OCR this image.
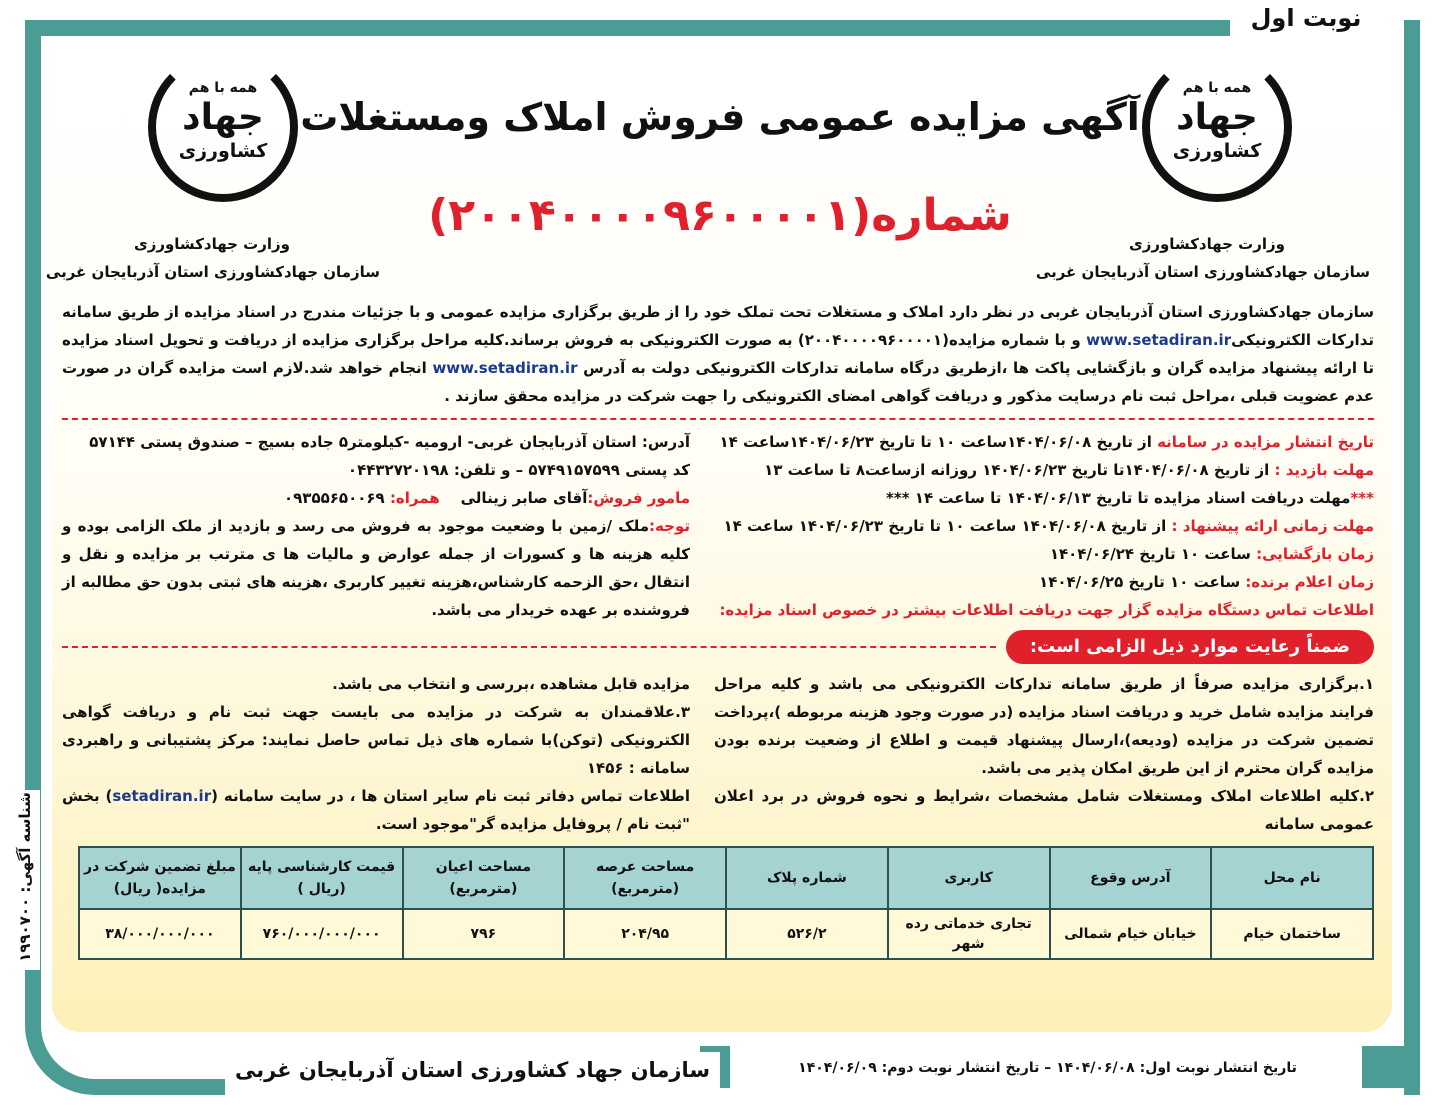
نوبت اول
همه با هم
جهاد
کشاورزی
همه با هم
جهاد
کشاورزی
آگهی مزایده عمومی فروش املاک ومستغلات
شماره(۲۰۰۴۰۰۰۰۹۶۰۰۰۰۱)
وزارت جهادکشاورزی
سازمان جهادکشاورزی استان آذربایجان غربی
وزارت جهادکشاورزی
سازمان جهادکشاورزی استان آذربایجان غربی
سازمان جهادکشاورزی استان آذربایجان غربی در نظر دارد املاک و مستغلات تحت تملک خود را از طریق برگزاری مزایده عمومی و با جزئیات مندرج در اسناد مزایده از طریق سامانه تدارکات الکترونیکیwww.setadiran.ir و با شماره مزایده(۲۰۰۴۰۰۰۰۹۶۰۰۰۰۱) به صورت الکترونیکی به فروش برساند.کلیه مراحل برگزاری مزایده از دریافت و تحویل اسناد مزایده تا ارائه پیشنهاد مزایده گران و بازگشایی پاکت ها ،ازطریق درگاه سامانه تدارکات الکترونیکی دولت به آدرس www.setadiran.ir انجام خواهد شد.لازم است مزایده گران در صورت عدم عضویت قبلی ،مراحل ثبت نام درسایت مذکور و دریافت گواهی امضای الکترونیکی را جهت شرکت در مزایده محقق سازند .
تاریخ انتشار مزایده در سامانه از تاریخ ۱۴۰۴/۰۶/۰۸ساعت ۱۰ تا تاریخ ۱۴۰۴/۰۶/۲۳ساعت ۱۴
مهلت بازدید : از تاریخ ۱۴۰۴/۰۶/۰۸تا تاریخ ۱۴۰۴/۰۶/۲۳ روزانه ازساعت۸ تا ساعت ۱۳
***مهلت دریافت اسناد مزایده تا تاریخ ۱۴۰۴/۰۶/۱۳ تا ساعت ۱۴ ***
مهلت زمانی ارائه پیشنهاد : از تاریخ ۱۴۰۴/۰۶/۰۸ ساعت ۱۰ تا تاریخ ۱۴۰۴/۰۶/۲۳ ساعت ۱۴
زمان بازگشایی: ساعت ۱۰ تاریخ ۱۴۰۴/۰۶/۲۴
زمان اعلام برنده: ساعت ۱۰ تاریخ ۱۴۰۴/۰۶/۲۵
اطلاعات تماس دستگاه مزایده گزار جهت دریافت اطلاعات بیشتر در خصوص اسناد مزایده:
آدرس: استان آذربایجان غربی- ارومیه -کیلومتر۵ جاده بسیج – صندوق پستی ۵۷۱۴۴
کد پستی ۵۷۴۹۱۵۷۵۹۹ – و تلفن: ۰۴۴۳۲۷۲۰۱۹۸
مامور فروش:آقای صابر زینالی    همراه: ۰۹۳۵۵۶۵۰۰۶۹
توجه:ملک /زمین با وضعیت موجود به فروش می رسد و بازدید از ملک الزامی بوده و کلیه هزینه ها و کسورات از جمله عوارض و مالیات ها ی مترتب بر مزایده و نقل و انتقال ،حق الزحمه کارشناس،هزینه تغییر کاربری ،هزینه های ثبتی بدون حق مطالبه از فروشنده بر عهده خریدار می باشد.
ضمناً رعایت موارد ذیل الزامی است:
۱.برگزاری مزایده صرفاً از طریق سامانه تدارکات الکترونیکی می باشد و کلیه مراحل فرایند مزایده شامل خرید و دریافت اسناد مزایده (در صورت وجود هزینه مربوطه )،پرداخت تضمین شرکت در مزایده (ودیعه)،ارسال پیشنهاد قیمت و اطلاع از وضعیت برنده بودن مزایده گران محترم از این طریق امکان پذیر می باشد.
۲.کلیه اطلاعات املاک ومستغلات شامل مشخصات ،شرایط و نحوه فروش در برد اعلان عمومی سامانه
مزایده قابل مشاهده ،بررسی و انتخاب می باشد.
۳.علاقمندان به شرکت در مزایده می بایست جهت ثبت نام و دریافت گواهی الکترونیکی (توکن)با شماره های ذیل تماس حاصل نمایند: مرکز پشتیبانی و راهبردی سامانه : ۱۴۵۶
اطلاعات تماس دفاتر ثبت نام سایر استان ها ، در سایت سامانه (setadiran.ir) بخش "ثبت نام / پروفایل مزایده گر"موجود است.
نام محل	آدرس وقوع	کاربری	شماره پلاک	مساحت عرصه (مترمربع)	مساحت اعیان (مترمربع)	قیمت کارشناسی پایه (ریال )	مبلغ تضمین شرکت در مزایده( ریال)
ساختمان خیام	خیابان خیام شمالی	تجاری خدماتی رده شهر	۵۲۶/۲	۲۰۴/۹۵	۷۹۶	۷۶۰/۰۰۰/۰۰۰/۰۰۰	۳۸/۰۰۰/۰۰۰/۰۰۰
سازمان جهاد کشاورزی استان آذربایجان غربی	تاریخ انتشار نوبت اول: ۱۴۰۴/۰۶/۰۸ – تاریخ انتشار نوبت دوم: ۱۴۰۴/۰۶/۰۹
شناسه آگهی: ۱۹۹۰۷۰۰
